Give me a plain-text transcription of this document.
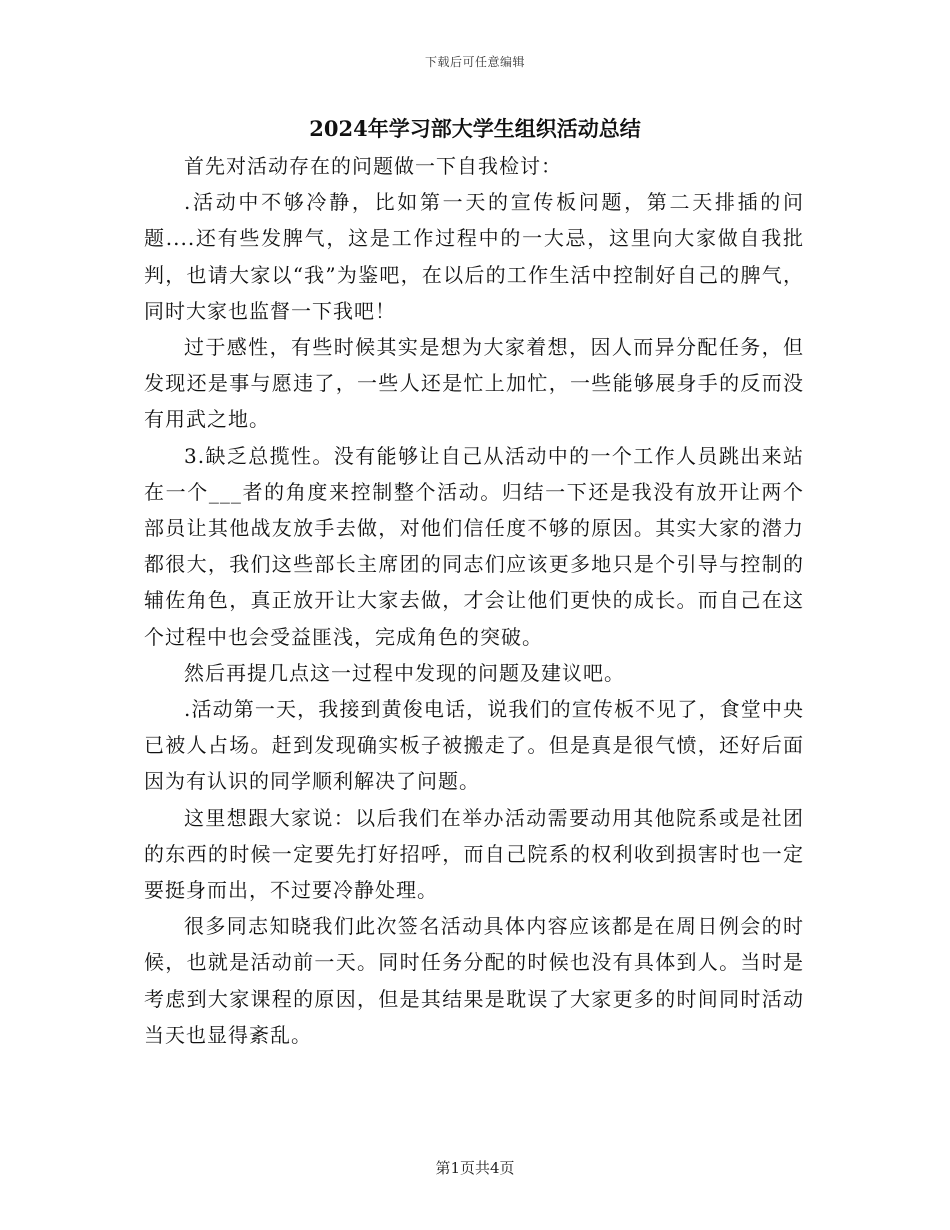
下载后可任意编辑
2024年学习部大学生组织活动总结

首先对活动存在的问题做一下自我检讨：

.活动中不够冷静，比如第一天的宣传板问题，第二天排插的问题....还有些发脾气，这是工作过程中的一大忌，这里向大家做自我批判，也请大家以“我”为鉴吧，在以后的工作生活中控制好自己的脾气，同时大家也监督一下我吧！

过于感性，有些时候其实是想为大家着想，因人而异分配任务，但发现还是事与愿违了，一些人还是忙上加忙，一些能够展身手的反而没有用武之地。

3.缺乏总揽性。没有能够让自己从活动中的一个工作人员跳出来站在一个___者的角度来控制整个活动。归结一下还是我没有放开让两个部员让其他战友放手去做，对他们信任度不够的原因。其实大家的潜力都很大，我们这些部长主席团的同志们应该更多地只是个引导与控制的辅佐角色，真正放开让大家去做，才会让他们更快的成长。而自己在这个过程中也会受益匪浅，完成角色的突破。

然后再提几点这一过程中发现的问题及建议吧。

.活动第一天，我接到黄俊电话，说我们的宣传板不见了，食堂中央已被人占场。赶到发现确实板子被搬走了。但是真是很气愤，还好后面因为有认识的同学顺利解决了问题。

这里想跟大家说：以后我们在举办活动需要动用其他院系或是社团的东西的时候一定要先打好招呼，而自己院系的权利收到损害时也一定要挺身而出，不过要冷静处理。

很多同志知晓我们此次签名活动具体内容应该都是在周日例会的时候，也就是活动前一天。同时任务分配的时候也没有具体到人。当时是考虑到大家课程的原因，但是其结果是耽误了大家更多的时间同时活动当天也显得紊乱。

第1页共4页
